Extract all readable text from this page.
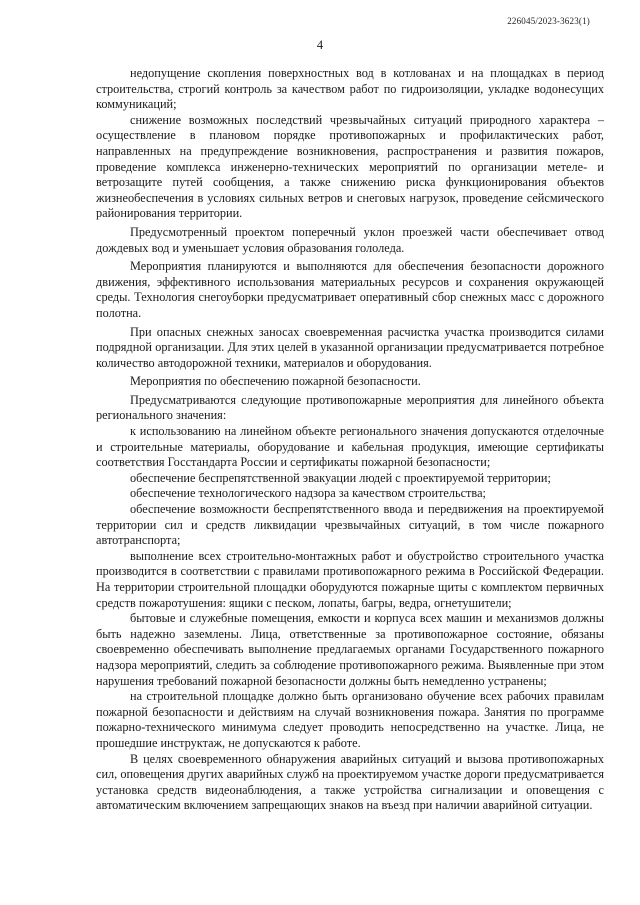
226045/2023-3623(1)
4

недопущение скопления поверхностных вод в котлованах и на площадках в период строительства, строгий контроль за качеством работ по гидроизоляции, укладке водонесущих коммуникаций;

снижение возможных последствий чрезвычайных ситуаций природного характера – осуществление в плановом порядке противопожарных и профилактических работ, направленных на предупреждение возникновения, распространения и развития пожаров, проведение комплекса инженерно-технических мероприятий по организации метеле- и ветрозащите путей сообщения, а также снижению риска функционирования объектов жизнеобеспечения в условиях сильных ветров и снеговых нагрузок, проведение сейсмического районирования территории.

Предусмотренный проектом поперечный уклон проезжей части обеспечивает отвод дождевых вод и уменьшает условия образования гололеда.

Мероприятия планируются и выполняются для обеспечения безопасности дорожного движения, эффективного использования материальных ресурсов и сохранения окружающей среды. Технология снегоуборки предусматривает оперативный сбор снежных масс с дорожного полотна.

При опасных снежных заносах своевременная расчистка участка производится силами подрядной организации. Для этих целей в указанной организации предусматривается потребное количество автодорожной техники, материалов и оборудования.

Мероприятия по обеспечению пожарной безопасности.

Предусматриваются следующие противопожарные мероприятия для линейного объекта регионального значения:

к использованию на линейном объекте регионального значения допускаются отделочные и строительные материалы, оборудование и кабельная продукция, имеющие сертификаты соответствия Госстандарта России и сертификаты пожарной безопасности;

обеспечение беспрепятственной эвакуации людей с проектируемой территории;

обеспечение технологического надзора за качеством строительства;

обеспечение возможности беспрепятственного ввода и передвижения на проектируемой территории сил и средств ликвидации чрезвычайных ситуаций, в том числе пожарного автотранспорта;

выполнение всех строительно-монтажных работ и обустройство строительного участка производится в соответствии с правилами противопожарного режима в Российской Федерации. На территории строительной площадки оборудуются пожарные щиты с комплектом первичных средств пожаротушения: ящики с песком, лопаты, багры, ведра, огнетушители;

бытовые и служебные помещения, емкости и корпуса всех машин и механизмов должны быть надежно заземлены. Лица, ответственные за противопожарное состояние, обязаны своевременно обеспечивать выполнение предлагаемых органами Государственного пожарного надзора мероприятий, следить за соблюдение противопожарного режима. Выявленные при этом нарушения требований пожарной безопасности должны быть немедленно устранены;

на строительной площадке должно быть организовано обучение всех рабочих правилам пожарной безопасности и действиям на случай возникновения пожара. Занятия по программе пожарно-технического минимума следует проводить непосредственно на участке. Лица, не прошедшие инструктаж, не допускаются к работе.

В целях своевременного обнаружения аварийных ситуаций и вызова противопожарных сил, оповещения других аварийных служб на проектируемом участке дороги предусматривается установка средств видеонаблюдения, а также устройства сигнализации и оповещения с автоматическим включением запрещающих знаков на въезд при наличии аварийной ситуации.
